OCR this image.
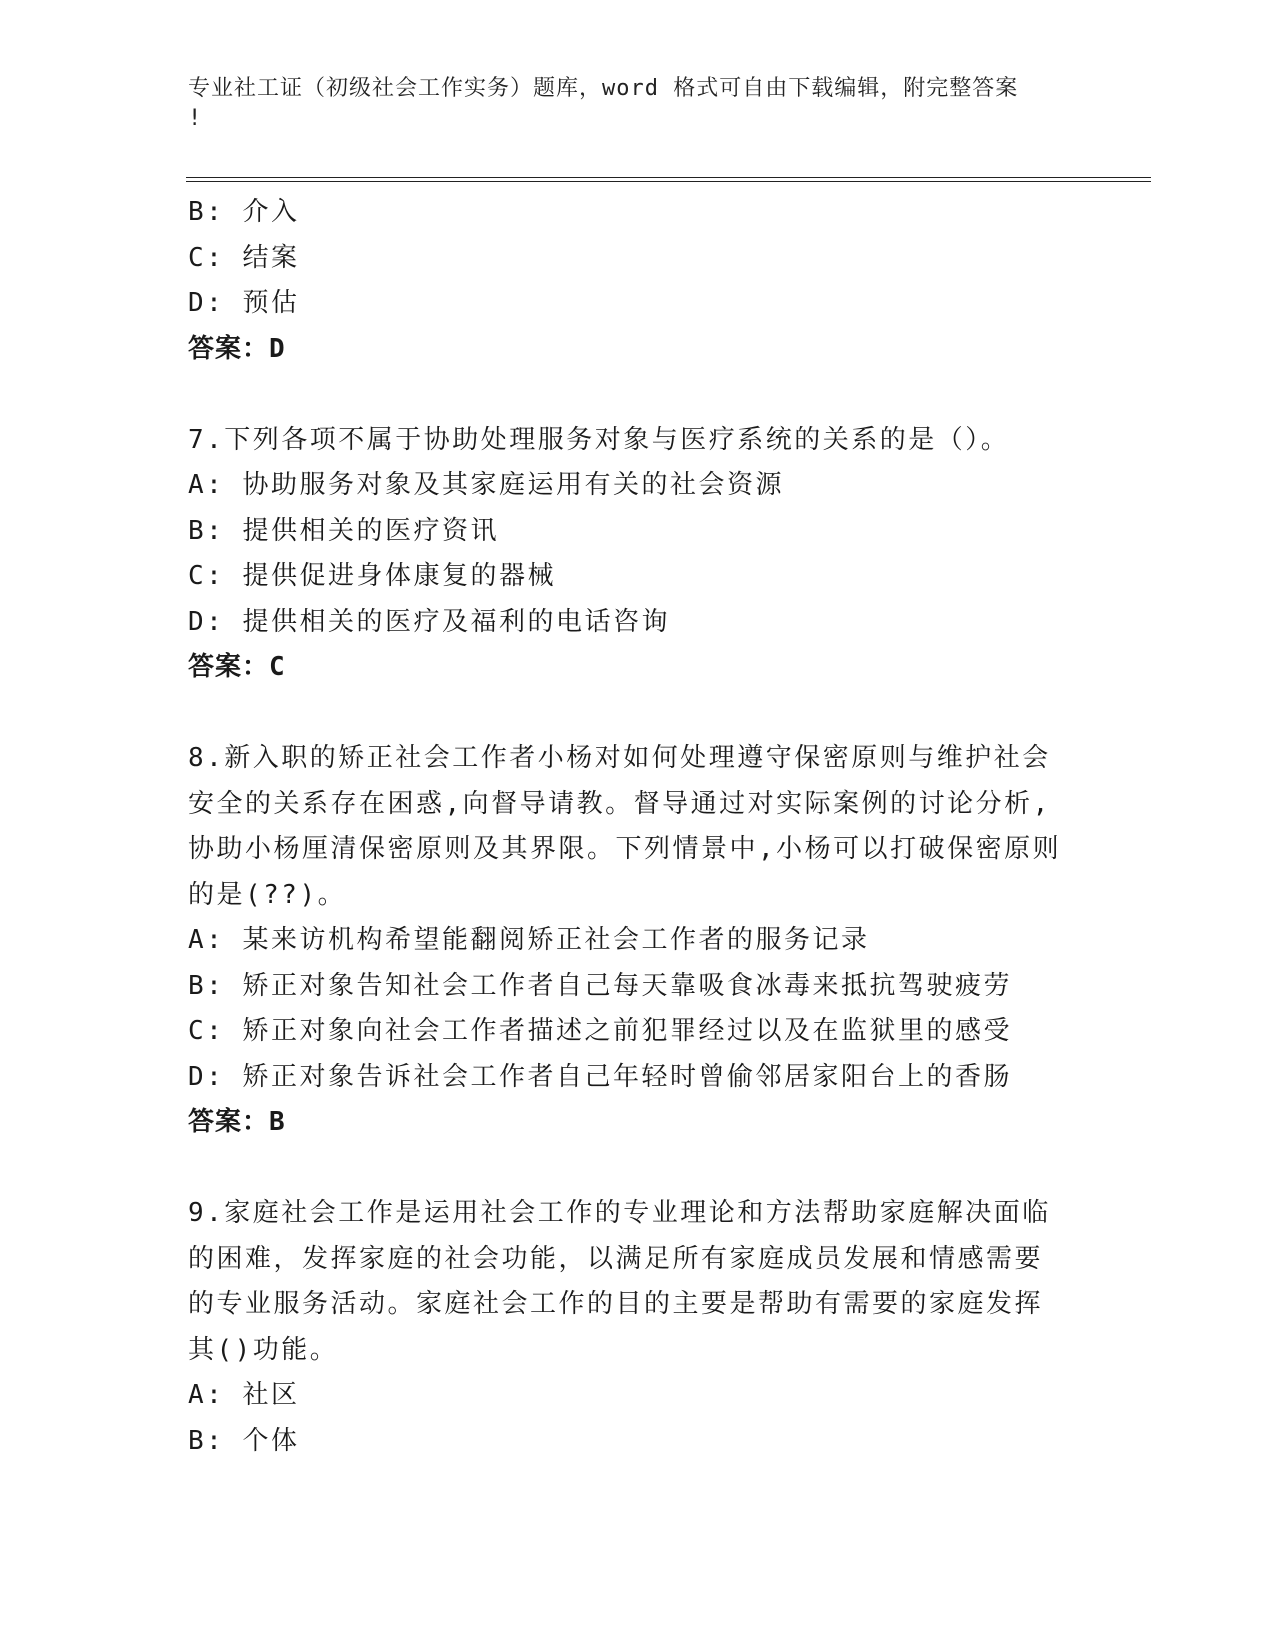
专业社工证（初级社会工作实务）题库，word 格式可自由下载编辑，附完整答案
!
B: 介入
C: 结案
D: 预估
答案：D
7.下列各项不属于协助处理服务对象与医疗系统的关系的是（）。
A: 协助服务对象及其家庭运用有关的社会资源
B: 提供相关的医疗资讯
C: 提供促进身体康复的器械
D: 提供相关的医疗及福利的电话咨询
答案：C
8.新入职的矫正社会工作者小杨对如何处理遵守保密原则与维护社会
安全的关系存在困惑,向督导请教。督导通过对实际案例的讨论分析,
协助小杨厘清保密原则及其界限。下列情景中,小杨可以打破保密原则
的是(??)。
A: 某来访机构希望能翻阅矫正社会工作者的服务记录
B: 矫正对象告知社会工作者自己每天靠吸食冰毒来抵抗驾驶疲劳
C: 矫正对象向社会工作者描述之前犯罪经过以及在监狱里的感受
D: 矫正对象告诉社会工作者自己年轻时曾偷邻居家阳台上的香肠
答案：B
9.家庭社会工作是运用社会工作的专业理论和方法帮助家庭解决面临
的困难，发挥家庭的社会功能，以满足所有家庭成员发展和情感需要
的专业服务活动。家庭社会工作的目的主要是帮助有需要的家庭发挥
其()功能。
A: 社区
B: 个体
